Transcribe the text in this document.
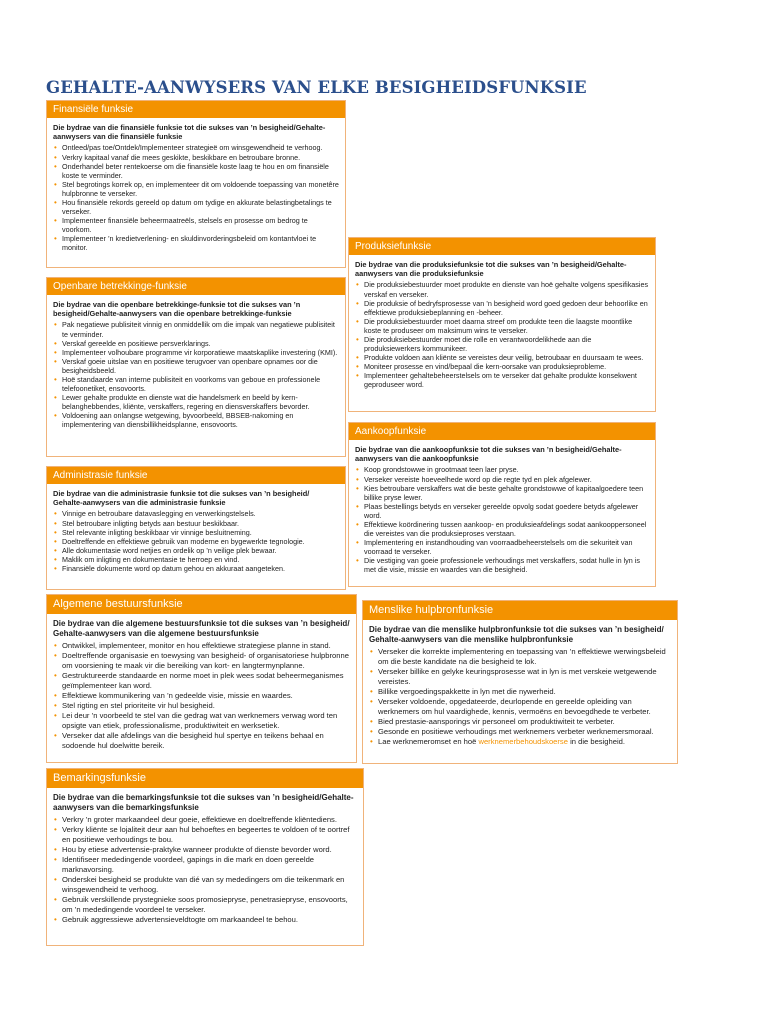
GEHALTE-AANWYSERS VAN ELKE BESIGHEIDSFUNKSIE
Finansiële funksie
Die bydrae van die finansiële funksie tot die sukses van ’n besigheid/Gehalte-aanwysers van die finansiële funksie
• Ontleed/pas toe/Ontdek/Implementeer strategieë om winsgewendheid te verhoog.
• Verkry kapitaal vanaf die mees geskikte, beskikbare en betroubare bronne.
• Onderhandel beter rentekoerse om die finansiële koste laag te hou en om finansiële koste te verminder.
• Stel begrotings korrek op, en implementeer dit om voldoende toepassing van monetêre hulpbronne te verseker.
• Hou finansiële rekords gereeld op datum om tydige en akkurate belastingbetalings te verseker.
• Implementeer finansiële beheermaatreëls, stelsels en prosesse om bedrog te voorkom.
• Implementeer ’n kredietverlening- en skuldinvorderingsbeleid om kontantvloei te monitor.
Openbare betrekkinge-funksie
Die bydrae van die openbare betrekkinge-funksie tot die sukses van ’n besigheid/Gehalte-aanwysers van die openbare betrekkinge-funksie
• Pak negatiewe publisiteit vinnig en onmiddellik om die impak van negatiewe publisiteit te verminder.
• Verskaf gereelde en positiewe persverklarings.
• Implementeer volhoubare programme vir korporatiewe maatskaplike investering (KMI).
• Verskaf goeie uitslae van en positiewe terugvoer van openbare opnames oor die besigheidsbeeld.
• Hoë standaarde van interne publisiteit en voorkoms van geboue en professionele telefoonetiket, ensovoorts.
• Lewer gehalte produkte en dienste wat die handelsmerk en beeld by kern-belanghebbendes, kliënte, verskaffers, regering en diensverskaffers bevorder.
• Voldoening aan onlangse wetgewing, byvoorbeeld, BBSEB-nakoming en implementering van diensbillikheidsplanne, ensovoorts.
Administrasie funksie
Die bydrae van die administrasie funksie tot die sukses van ’n besigheid/ Gehalte-aanwysers van die administrasie funksie
• Vinnige en betroubare datavaslegging en verwerkingstelsels.
• Stel betroubare inligting betyds aan bestuur beskikbaar.
• Stel relevante inligting beskikbaar vir vinnige besluitneming.
• Doeltreffende en effektiewe gebruik van moderne en bygewerkte tegnologie.
• Alle dokumentasie word netjies en ordelik op ’n veilige plek bewaar.
• Maklik om inligting en dokumentasie te herroep en vind.
• Finansiële dokumente word op datum gehou en akkuraat aangeteken.
Algemene bestuursfunksie
Die bydrae van die algemene bestuursfunksie tot die sukses van ’n besigheid/ Gehalte-aanwysers van die algemene bestuursfunksie
• Ontwikkel, implementeer, monitor en hou effektiewe strategiese planne in stand.
• Doeltreffende organisasie en toewysing van besigheid- of organisatoriese hulpbronne om voorsiening te maak vir die bereiking van kort- en langtermynplanne.
• Gestruktureerde standaarde en norme moet in plek wees sodat beheermeganismes geïmplementeer kan word.
• Effektiewe kommunikering van ’n gedeelde visie, missie en waardes.
• Stel rigting en stel prioriteite vir hul besigheid.
• Lei deur ’n voorbeeld te stel van die gedrag wat van werknemers verwag word ten opsigte van etiek, professionalisme, produktiwiteit en werksetiek.
• Verseker dat alle afdelings van die besigheid hul spertye en teikens behaal en sodoende hul doelwitte bereik.
Bemarkingsfunksie
Die bydrae van die bemarkingsfunksie tot die sukses van ’n besigheid/Gehalte-aanwysers van die bemarkingsfunksie
• Verkry ’n groter markaandeel deur goeie, effektiewe en doeltreffende kliëntediens.
• Verkry kliënte se lojaliteit deur aan hul behoeftes en begeertes te voldoen of te oortref en positiewe verhoudings te bou.
• Hou by etiese advertensie-praktyke wanneer produkte of dienste bevorder word.
• Identifiseer mededingende voordeel, gapings in die mark en doen gereelde marknavorsing.
• Onderskei besigheid se produkte van dié van sy mededingers om die teikenmark en winsgewendheid te verhoog.
• Gebruik verskillende prystegnieke soos promosiepryse, penetrasiepryse, ensovoorts, om ’n mededingende voordeel te verseker.
• Gebruik aggressiewe advertensieveldtogte om markaandeel te behou.
Produksiefunksie
Die bydrae van die produksiefunksie tot die sukses van ’n besigheid/Gehalte-aanwysers van die produksiefunksie
• Die produksiebestuurder moet produkte en dienste van hoë gehalte volgens spesifikasies verskaf en verseker.
• Die produksie of bedryfsprosesse van ’n besigheid word goed gedoen deur behoorlike en effektiewe produksiebeplanning en -beheer.
• Die produksiebestuurder moet daarna streef om produkte teen die laagste moontlike koste te produseer om maksimum wins te verseker.
• Die produksiebestuurder moet die rolle en verantwoordelikhede aan die produksiewerkers kommunikeer.
• Produkte voldoen aan kliënte se vereistes deur veilig, betroubaar en duursaam te wees.
• Moniteer prosesse en vind/bepaal die kern-oorsake van produksieprobleme.
• Implementeer gehaltebeheerstelsels om te verseker dat gehalte produkte konsekwent geproduseer word.
Aankoopfunksie
Die bydrae van die aankoopfunksie tot die sukses van ’n besigheid/Gehalte-aanwysers van die aankoopfunksie
• Koop grondstowwe in grootmaat teen laer pryse.
• Verseker vereiste hoeveelhede word op die regte tyd en plek afgelewer.
• Kies betroubare verskaffers wat die beste gehalte grondstowwe of kapitaalgoedere teen billike pryse lewer.
• Plaas bestellings betyds en verseker gereelde opvolg sodat goedere betyds afgelewer word.
• Effektiewe koördinering tussen aankoop- en produksieafdelings sodat aankooppersoneel die vereistes van die produksieproses verstaan.
• Implementering en instandhouding van voorraadbeheerstelsels om die sekuriteit van voorraad te verseker.
• Die vestiging van goeie professionele verhoudings met verskaffers, sodat hulle in lyn is met die visie, missie en waardes van die besigheid.
Menslike hulpbronfunksie
Die bydrae van die menslike hulpbronfunksie tot die sukses van ’n besigheid/ Gehalte-aanwysers van die menslike hulpbronfunksie
• Verseker die korrekte implementering en toepassing van ’n effektiewe werwingsbeleid om die beste kandidate na die besigheid te lok.
• Verseker billike en gelyke keuringsprosesse wat in lyn is met verskeie wetgewende vereistes.
• Billike vergoedingspakkette in lyn met die nywerheid.
• Verseker voldoende, opgedateerde, deurlopende en gereelde opleiding van werknemers om hul vaardighede, kennis, vermoëns en bevoegdhede te verbeter.
• Bied prestasie-aansporings vir personeel om produktiwiteit te verbeter.
• Gesonde en positiewe verhoudings met werknemers verbeter werknemersmoraal.
• Lae werknemeromset en hoë werknemerbehoudskoerse in die besigheid.
